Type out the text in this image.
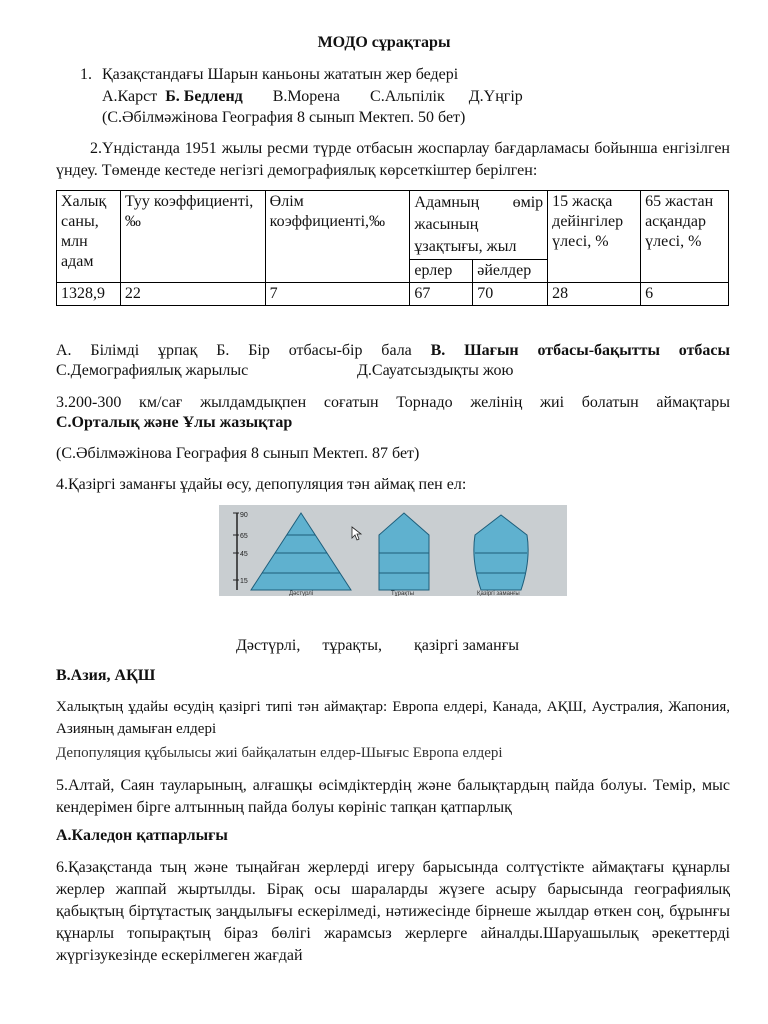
МОДО сұрақтары
1. Қазақстандағы Шарын каньоны жататын жер бедері
А.Карст Б. Бедленд В.Морена С.Альпілік Д.Үңгір
(С.Әбілмәжінова География 8 сынып Мектеп. 50 бет)
2.Үндістанда 1951 жылы ресми түрде отбасын жоспарлау бағдарламасы бойынша енгізілген үндеу. Төменде кестеде негізгі демографиялық көрсеткіштер берілген:
Халық саны, млн адам	Туу коэффициенті,‰	Өлім коэффициенті,‰	Адамның өмір жасының ұзақтығы, жыл		15 жасқа дейінгілер үлесі, %	65 жастан асқандар үлесі, %
			ерлер	әйелдер		
1328,9	22	7	67	70	28	6
А. Білімді ұрпақ Б. Бір отбасы-бір бала В. Шағын отбасы-бақытты отбасы
С.Демографиялық жарылыс	Д.Сауатсыздықты жою
3.200-300 км/сағ жылдамдықпен соғатын Торнадо желінің жиі болатын аймақтары
С.Орталық және Ұлы жазықтар
(С.Әбілмәжінова География 8 сынып Мектеп. 87 бет)
4.Қазіргі заманғы ұдайы өсу, депопуляция тән аймақ пен ел:
90
65
45
15
Дәстүрлі	Тұрақты	Қазіргі заманғы
Дәстүрлі, тұрақты, қазіргі заманғы
В.Азия, АҚШ
Халықтың ұдайы өсудің қазіргі типі тән аймақтар: Европа елдері, Канада, АҚШ, Аустралия, Жапония, Азияның дамыған елдері
Депопуляция құбылысы жиі байқалатын елдер-Шығыс Европа елдері
5.Алтай, Саян тауларының, алғашқы өсімдіктердің және балықтардың пайда болуы. Темір, мыс кендерімен бірге алтынның пайда болуы көрініс тапқан қатпарлық
А.Каледон қатпарлығы
6.Қазақстанда тың және тыңайған жерлерді игеру барысында солтүстікте аймақтағы құнарлы жерлер жаппай жыртылды. Бірақ осы шараларды жүзеге асыру барысында географиялық қабықтың біртұтастық заңдылығы ескерілмеді, нәтижесінде бірнеше жылдар өткен соң, бұрынғы құнарлы топырақтың біраз бөлігі жарамсыз жерлерге айналды.Шаруашылық әрекеттерді жүргізукезінде ескерілмеген жағдай
